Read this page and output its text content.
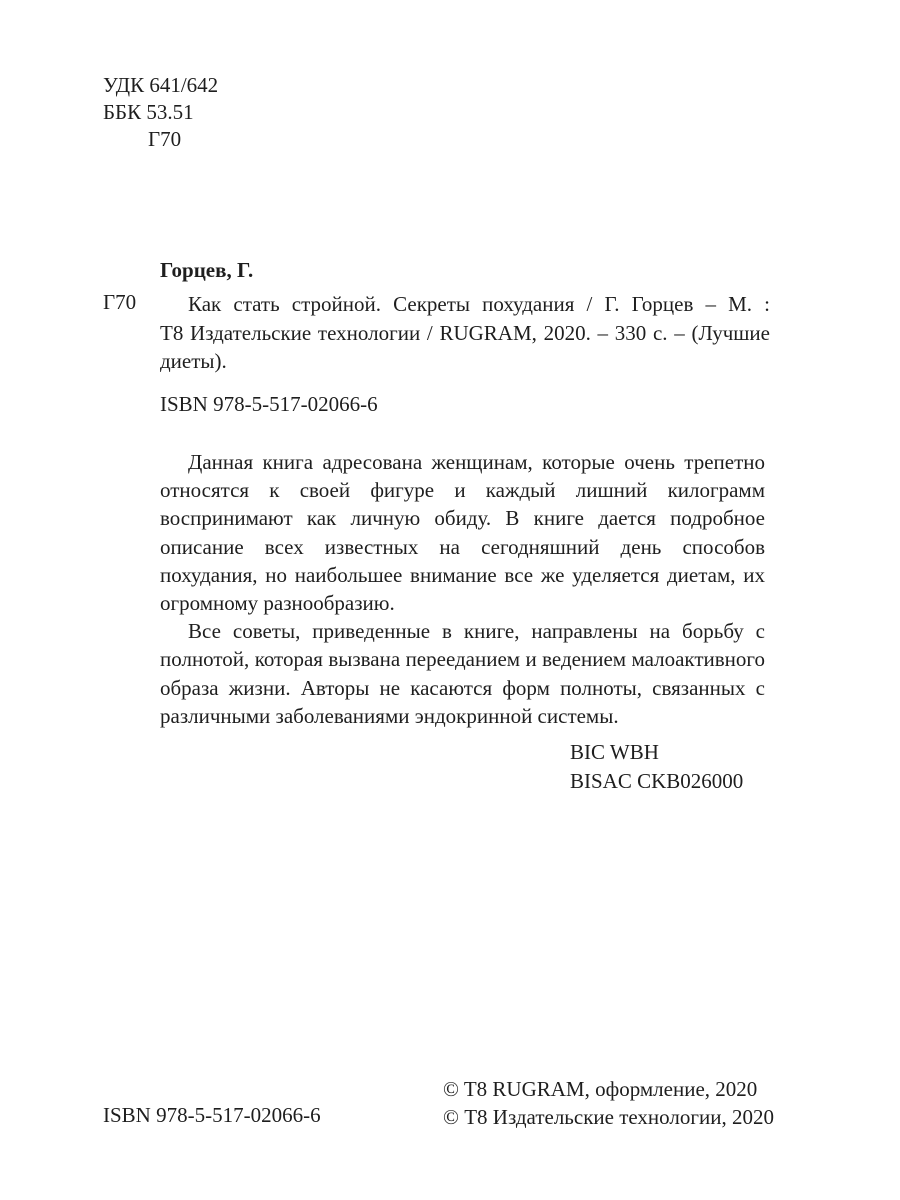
УДК 641/642
ББК 53.51
Г70
Горцев, Г.
Г70	Как стать стройной. Секреты похудания / Г. Горцев – М. :
Т8 Издательские технологии / RUGRAM, 2020. – 330 с. – (Лучшие диеты).
ISBN 978-5-517-02066-6

Данная книга адресована женщинам, которые очень трепетно относятся к своей фигуре и каждый лишний килограмм воспринимают как личную обиду. В книге дается подробное описание всех известных на сегодняшний день способов похудания, но наибольшее внимание все же уделяется диетам, их огромному разнообразию.

Все советы, приведенные в книге, направлены на борьбу с полнотой, которая вызвана перееданием и ведением малоактивного образа жизни. Авторы не касаются форм полноты, связанных с различными заболеваниями эндокринной системы.

BIC WBH
BISAC CKB026000
ISBN 978-5-517-02066-6
© T8 RUGRAM, оформление, 2020
© Т8 Издательские технологии, 2020
